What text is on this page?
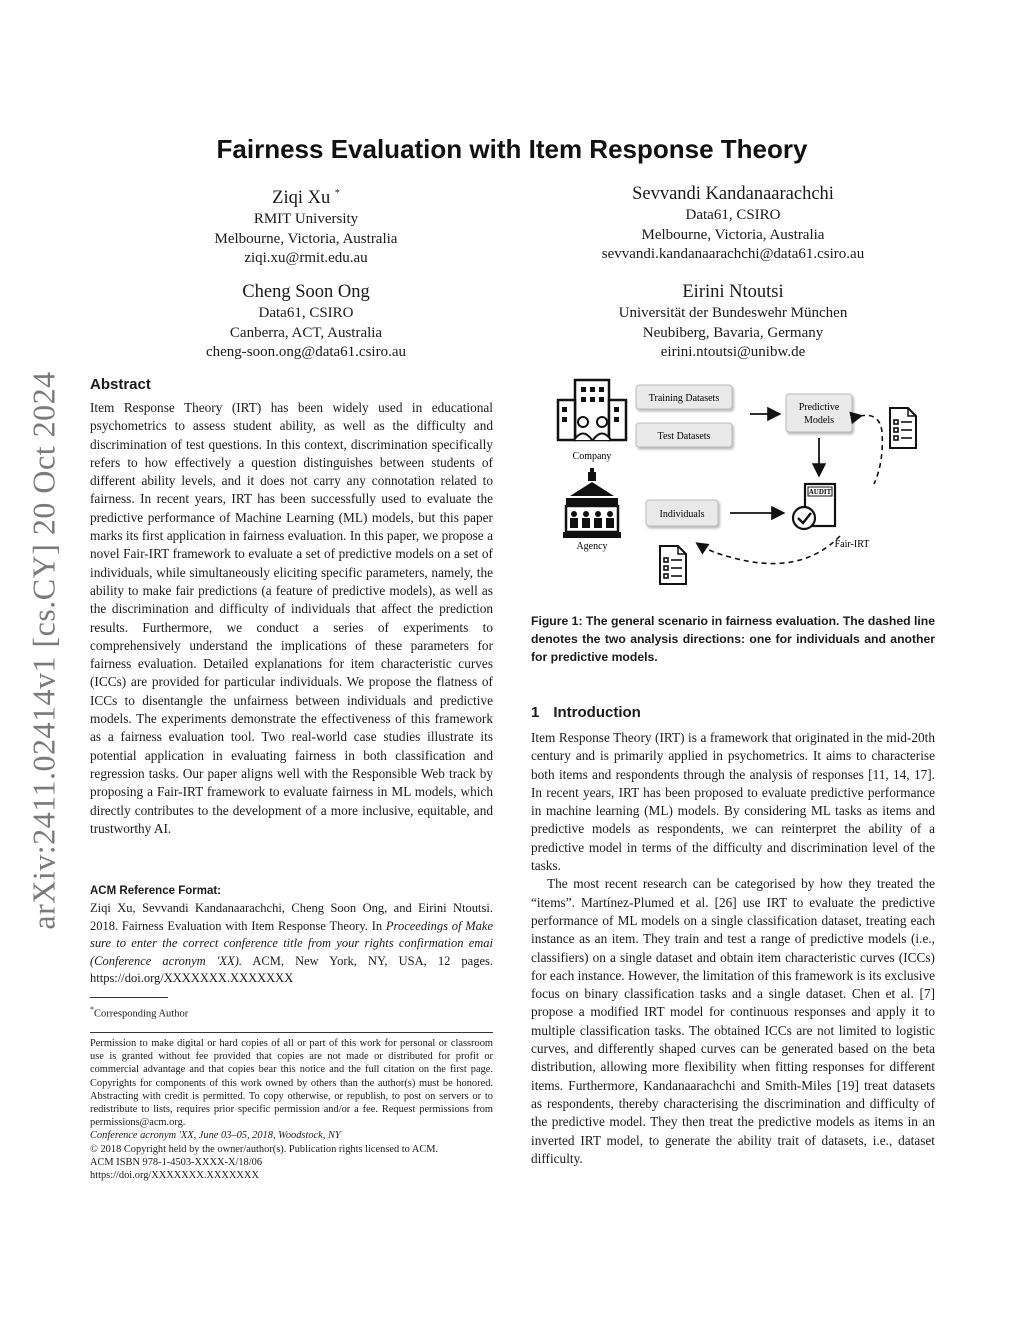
arXiv:2411.02414v1 [cs.CY] 20 Oct 2024
Fairness Evaluation with Item Response Theory
Ziqi Xu *
RMIT University
Melbourne, Victoria, Australia
ziqi.xu@rmit.edu.au
Sevvandi Kandanaarachchi
Data61, CSIRO
Melbourne, Victoria, Australia
sevvandi.kandanaarachchi@data61.csiro.au
Cheng Soon Ong
Data61, CSIRO
Canberra, ACT, Australia
cheng-soon.ong@data61.csiro.au
Eirini Ntoutsi
Universität der Bundeswehr München
Neubiberg, Bavaria, Germany
eirini.ntoutsi@unibw.de
Abstract

Item Response Theory (IRT) has been widely used in educational psychometrics to assess student ability, as well as the difficulty and discrimination of test questions. In this context, discrimination specifically refers to how effectively a question distinguishes between students of different ability levels, and it does not carry any connotation related to fairness. In recent years, IRT has been successfully used to evaluate the predictive performance of Machine Learning (ML) models, but this paper marks its first application in fairness evaluation. In this paper, we propose a novel Fair-IRT framework to evaluate a set of predictive models on a set of individuals, while simultaneously eliciting specific parameters, namely, the ability to make fair predictions (a feature of predictive models), as well as the discrimination and difficulty of individuals that affect the prediction results. Furthermore, we conduct a series of experiments to comprehensively understand the implications of these parameters for fairness evaluation. Detailed explanations for item characteristic curves (ICCs) are provided for particular individuals. We propose the flatness of ICCs to disentangle the unfairness between individuals and predictive models. The experiments demonstrate the effectiveness of this framework as a fairness evaluation tool. Two real-world case studies illustrate its potential application in evaluating fairness in both classification and regression tasks. Our paper aligns well with the Responsible Web track by proposing a Fair-IRT framework to evaluate fairness in ML models, which directly contributes to the development of a more inclusive, equitable, and trustworthy AI.

ACM Reference Format:

Ziqi Xu, Sevvandi Kandanaarachchi, Cheng Soon Ong, and Eirini Ntoutsi. 2018. Fairness Evaluation with Item Response Theory. In Proceedings of Make sure to enter the correct conference title from your rights confirmation emai (Conference acronym 'XX). ACM, New York, NY, USA, 12 pages. https://doi.org/XXXXXXX.XXXXXXX

*Corresponding Author
Permission to make digital or hard copies of all or part of this work for personal or classroom use is granted without fee provided that copies are not made or distributed for profit or commercial advantage and that copies bear this notice and the full citation on the first page. Copyrights for components of this work owned by others than the author(s) must be honored. Abstracting with credit is permitted. To copy otherwise, or republish, to post on servers or to redistribute to lists, requires prior specific permission and/or a fee. Request permissions from permissions@acm.org.
Conference acronym 'XX, June 03–05, 2018, Woodstock, NY
© 2018 Copyright held by the owner/author(s). Publication rights licensed to ACM.
ACM ISBN 978-1-4503-XXXX-X/18/06
https://doi.org/XXXXXXX.XXXXXXX
Company
Agency
Training Datasets
Test Datasets
Individuals
Predictive
Models
AUDIT
Fair-IRT
Figure 1: The general scenario in fairness evaluation. The dashed line denotes the two analysis directions: one for individuals and another for predictive models.
1 Introduction

Item Response Theory (IRT) is a framework that originated in the mid-20th century and is primarily applied in psychometrics. It aims to characterise both items and respondents through the analysis of responses [11, 14, 17]. In recent years, IRT has been proposed to evaluate predictive performance in machine learning (ML) models. By considering ML tasks as items and predictive models as respondents, we can reinterpret the ability of a predictive model in terms of the difficulty and discrimination level of the tasks.

The most recent research can be categorised by how they treated the “items”. Martínez-Plumed et al. [26] use IRT to evaluate the predictive performance of ML models on a single classification dataset, treating each instance as an item. They train and test a range of predictive models (i.e., classifiers) on a single dataset and obtain item characteristic curves (ICCs) for each instance. However, the limitation of this framework is its exclusive focus on binary classification tasks and a single dataset. Chen et al. [7] propose a modified IRT model for continuous responses and apply it to multiple classification tasks. The obtained ICCs are not limited to logistic curves, and differently shaped curves can be generated based on the beta distribution, allowing more flexibility when fitting responses for different items. Furthermore, Kandanaarachchi and Smith-Miles [19] treat datasets as respondents, thereby characterising the discrimination and difficulty of the predictive model. They then treat the predictive models as items in an inverted IRT model, to generate the ability trait of datasets, i.e., dataset difficulty.
